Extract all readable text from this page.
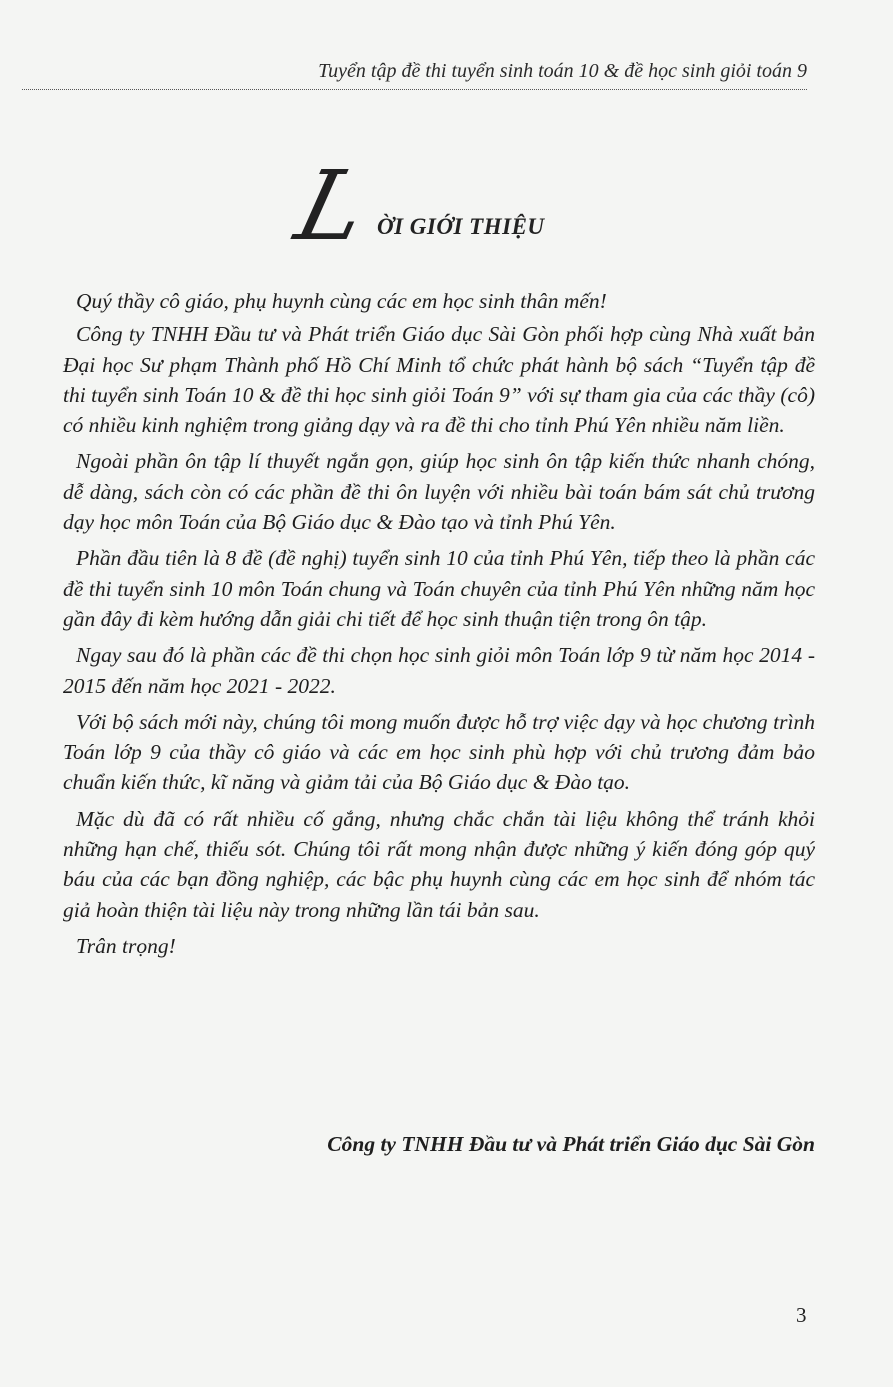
Tuyển tập đề thi tuyển sinh toán 10 & đề học sinh giỏi toán 9
L ỜI GIỚI THIỆU

Quý thầy cô giáo, phụ huynh cùng các em học sinh thân mến!

Công ty TNHH Đầu tư và Phát triển Giáo dục Sài Gòn phối hợp cùng Nhà xuất bản Đại học Sư phạm Thành phố Hồ Chí Minh tổ chức phát hành bộ sách “Tuyển tập đề thi tuyển sinh Toán 10 & đề thi học sinh giỏi Toán 9” với sự tham gia của các thầy (cô) có nhiều kinh nghiệm trong giảng dạy và ra đề thi cho tỉnh Phú Yên nhiều năm liền.

Ngoài phần ôn tập lí thuyết ngắn gọn, giúp học sinh ôn tập kiến thức nhanh chóng, dễ dàng, sách còn có các phần đề thi ôn luyện với nhiều bài toán bám sát chủ trương dạy học môn Toán của Bộ Giáo dục & Đào tạo và tỉnh Phú Yên.

Phần đầu tiên là 8 đề (đề nghị) tuyển sinh 10 của tỉnh Phú Yên, tiếp theo là phần các đề thi tuyển sinh 10 môn Toán chung và Toán chuyên của tỉnh Phú Yên những năm học gần đây đi kèm hướng dẫn giải chi tiết để học sinh thuận tiện trong ôn tập.

Ngay sau đó là phần các đề thi chọn học sinh giỏi môn Toán lớp 9 từ năm học 2014 - 2015 đến năm học 2021 - 2022.

Với bộ sách mới này, chúng tôi mong muốn được hỗ trợ việc dạy và học chương trình Toán lớp 9 của thầy cô giáo và các em học sinh phù hợp với chủ trương đảm bảo chuẩn kiến thức, kĩ năng và giảm tải của Bộ Giáo dục & Đào tạo.

Mặc dù đã có rất nhiều cố gắng, nhưng chắc chắn tài liệu không thể tránh khỏi những hạn chế, thiếu sót. Chúng tôi rất mong nhận được những ý kiến đóng góp quý báu của các bạn đồng nghiệp, các bậc phụ huynh cùng các em học sinh để nhóm tác giả hoàn thiện tài liệu này trong những lần tái bản sau.

Trân trọng!

Công ty TNHH Đầu tư và Phát triển Giáo dục Sài Gòn
3
